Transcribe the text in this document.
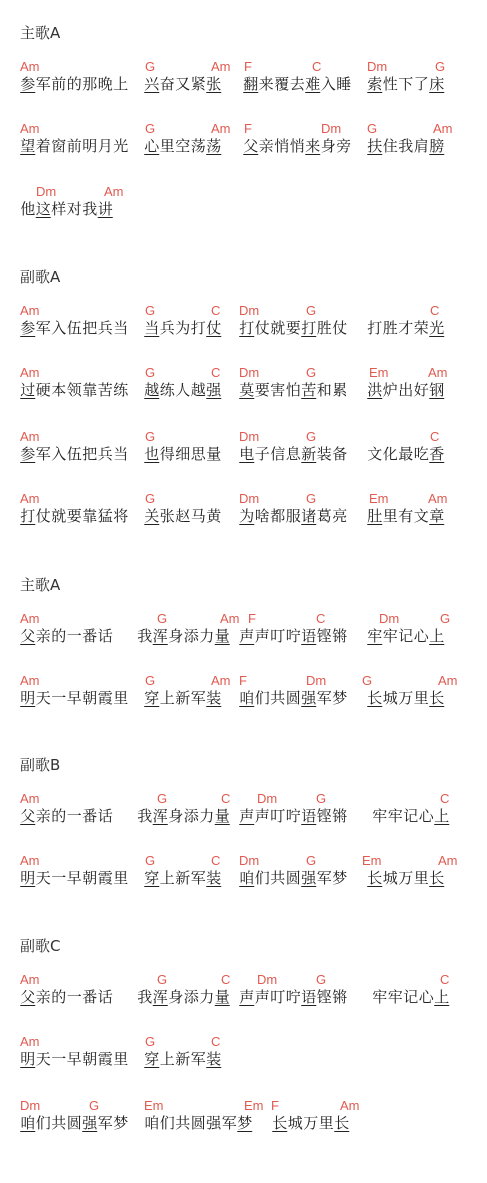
主歌A
Am	G	Am F	C	Dm	G
参军前的那晚上 兴奋又紧张 翻来覆去难入睡 索性下了床
Am	G	Am F	Dm G	Am
望着窗前明月光 心里空荡荡 父亲悄悄来身旁 扶住我肩膀
Dm	Am
他这样对我讲
副歌A
Am	G	C Dm	G	C
参军入伍把兵当 当兵为打仗 打仗就要打胜仗 打胜才荣光
Am	G	C Dm	G	Em	Am
过硬本领靠苦练 越练人越强 莫要害怕苦和累 洪炉出好钢
Am	G	Dm	G	C
参军入伍把兵当 也得细思量 电子信息新装备 文化最吃香
Am	G	Dm	G	Em	Am
打仗就要靠猛将 关张赵马黄 为啥都服诸葛亮 肚里有文章
主歌A
Am	G	Am F	C	Dm	G
父亲的一番话 我浑身添力量 声声叮咛语铿锵 牢牢记心上
Am	G	Am F	Dm	G	Am
明天一早朝霞里 穿上新军装 咱们共圆强军梦 长城万里长
副歌B
Am	G	C Dm	G	C
父亲的一番话 我浑身添力量 声声叮咛语铿锵 牢牢记心上
Am	G	C Dm	G	Em	Am
明天一早朝霞里 穿上新军装 咱们共圆强军梦 长城万里长
副歌C
Am	G	C Dm	G	C
父亲的一番话 我浑身添力量 声声叮咛语铿锵 牢牢记心上
Am	G	C
明天一早朝霞里 穿上新军装
Dm	G	Em	Em F	Am
咱们共圆强军梦 咱们共圆强军梦 长城万里长
